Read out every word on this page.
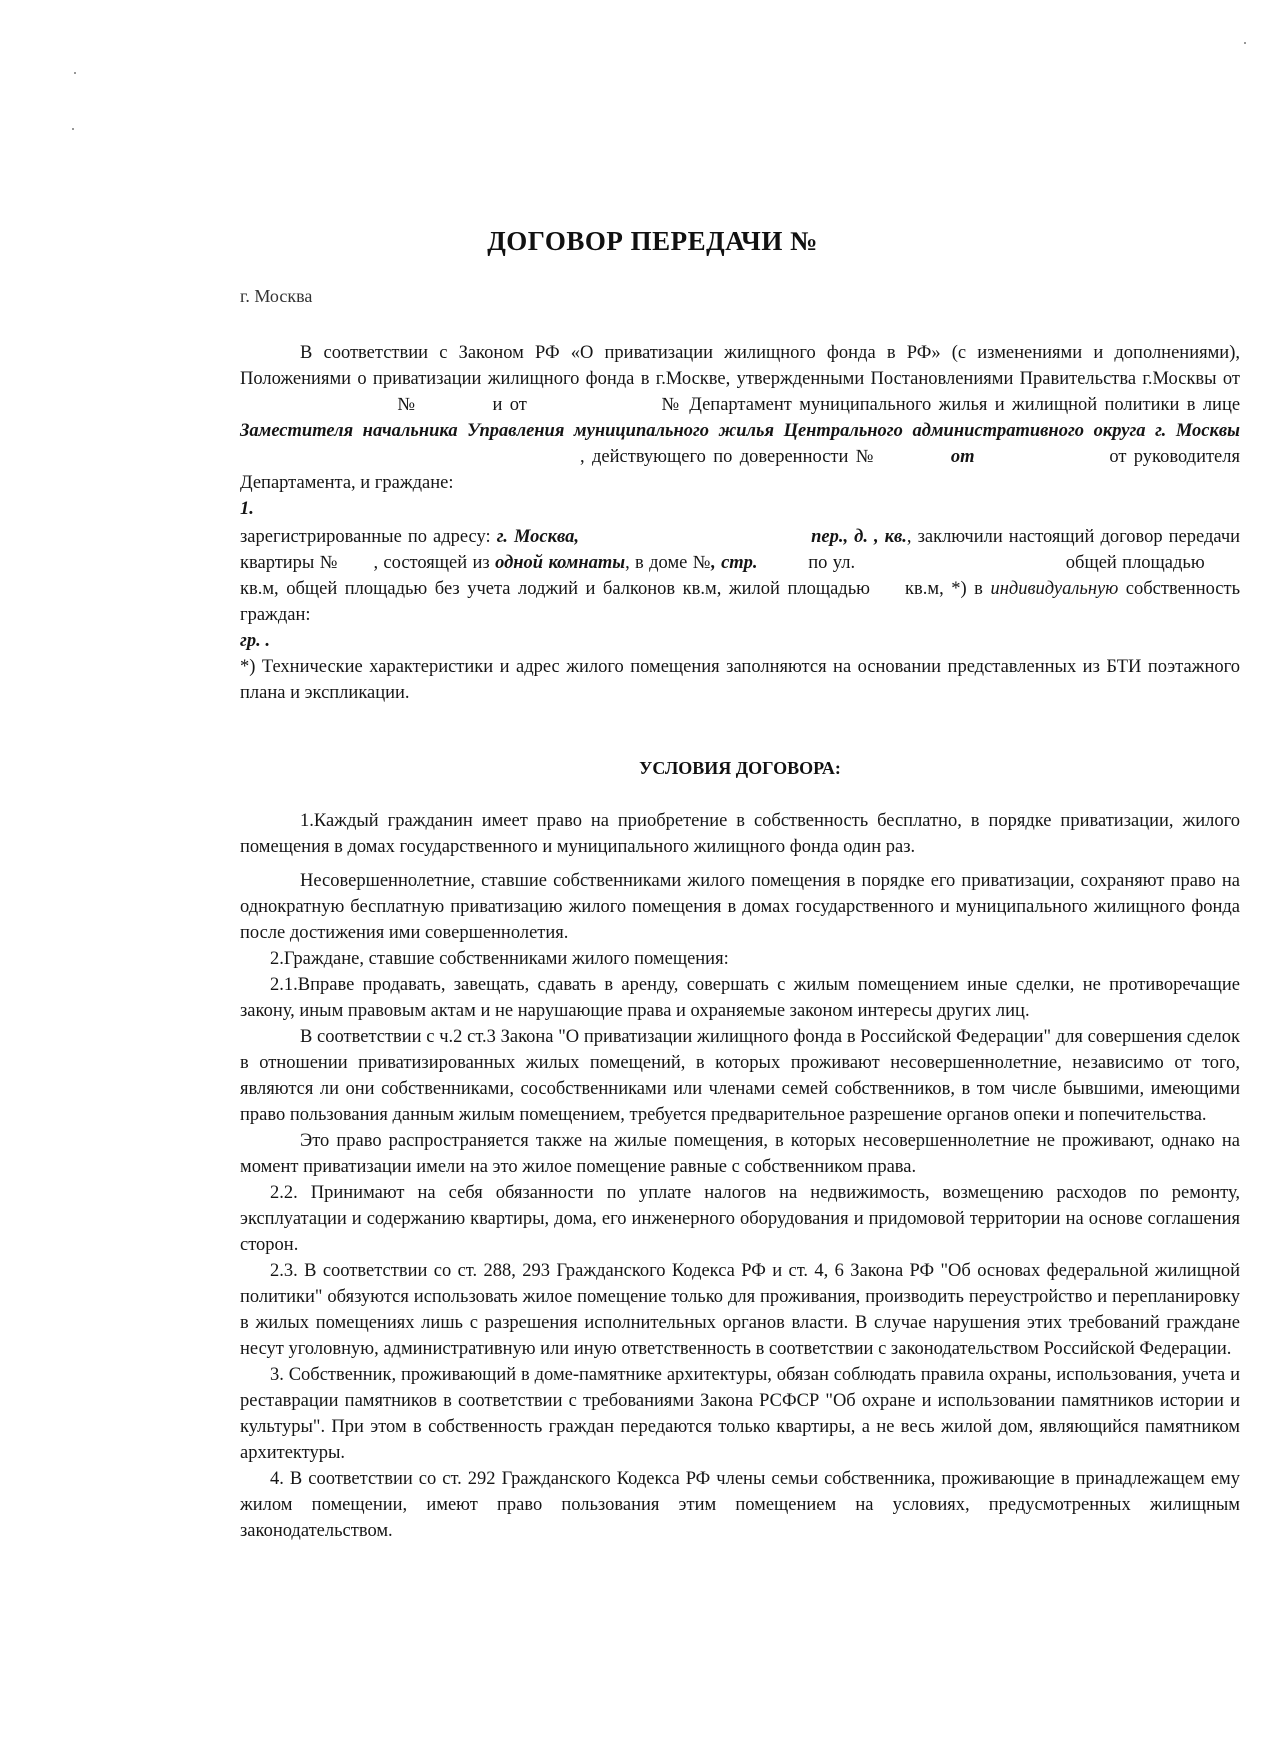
ДОГОВОР ПЕРЕДАЧИ №
г. Москва

В соответствии с Законом РФ «О приватизации жилищного фонда в РФ» (с изменениями и дополнениями), Положениями о приватизации жилищного фонда в г.Москве, утвержденными Постановлениями Правительства г.Москвы от  №	и от	№ Департамент муниципального жилья и жилищной политики в лице Заместителя начальника Управления муниципального жилья Центрального административного округа г. Москвы , действующего по доверенности №	от	от руководителя Департамента, и граждане:

1.

зарегистрированные по адресу: г. Москва,	пер., д. , кв., заключили настоящий договор передачи квартиры № , состоящей из одной комнаты, в доме №, стр.	по ул.	общей площадью  кв.м, общей площадью без учета лоджий и балконов кв.м, жилой площадью кв.м, *) в индивидуальную собственность граждан:

гр. .

*) Технические характеристики и адрес жилого помещения заполняются на основании представленных из БТИ поэтажного плана и экспликации.

УСЛОВИЯ ДОГОВОРА:

1.Каждый гражданин имеет право на приобретение в собственность бесплатно, в порядке приватизации, жилого помещения в домах государственного и муниципального жилищного фонда один раз.

Несовершеннолетние, ставшие собственниками жилого помещения в порядке его приватизации, сохраняют право на однократную бесплатную приватизацию жилого помещения в домах государственного и муниципального жилищного фонда после достижения ими совершеннолетия.

2.Граждане, ставшие собственниками жилого помещения:

2.1.Вправе продавать, завещать, сдавать в аренду, совершать с жилым помещением иные сделки, не противоречащие закону, иным правовым актам и не нарушающие права и охраняемые законом интересы других лиц.

В соответствии с ч.2 ст.3 Закона "О приватизации жилищного фонда в Российской Федерации" для совершения сделок в отношении приватизированных жилых помещений, в которых проживают несовершеннолетние, независимо от того, являются ли они собственниками, сособственниками или членами семей собственников, в том числе бывшими, имеющими право пользования данным жилым помещением, требуется предварительное разрешение органов опеки и попечительства.

Это право распространяется также на жилые помещения, в которых несовершеннолетние не проживают, однако на момент приватизации имели на это жилое помещение равные с собственником права.

2.2. Принимают на себя обязанности по уплате налогов на недвижимость, возмещению расходов по ремонту, эксплуатации и содержанию квартиры, дома, его инженерного оборудования и придомовой территории на основе соглашения сторон.

2.3. В соответствии со ст. 288, 293 Гражданского Кодекса РФ и ст. 4, 6 Закона РФ "Об основах федеральной жилищной политики" обязуются использовать жилое помещение только для проживания, производить переустройство и перепланировку в жилых помещениях лишь с разрешения исполнительных органов власти. В случае нарушения этих требований граждане несут уголовную, административную или иную ответственность в соответствии с законодательством Российской Федерации.

3. Собственник, проживающий в доме-памятнике архитектуры, обязан соблюдать правила охраны, использования, учета и реставрации памятников в соответствии с требованиями Закона РСФСР "Об охране и использовании памятников истории и культуры". При этом в собственность граждан передаются только квартиры, а не весь жилой дом, являющийся памятником архитектуры.

4. В соответствии со ст. 292 Гражданского Кодекса РФ члены семьи собственника, проживающие в принадлежащем ему жилом помещении, имеют право пользования этим помещением на условиях, предусмотренных жилищным законодательством.
